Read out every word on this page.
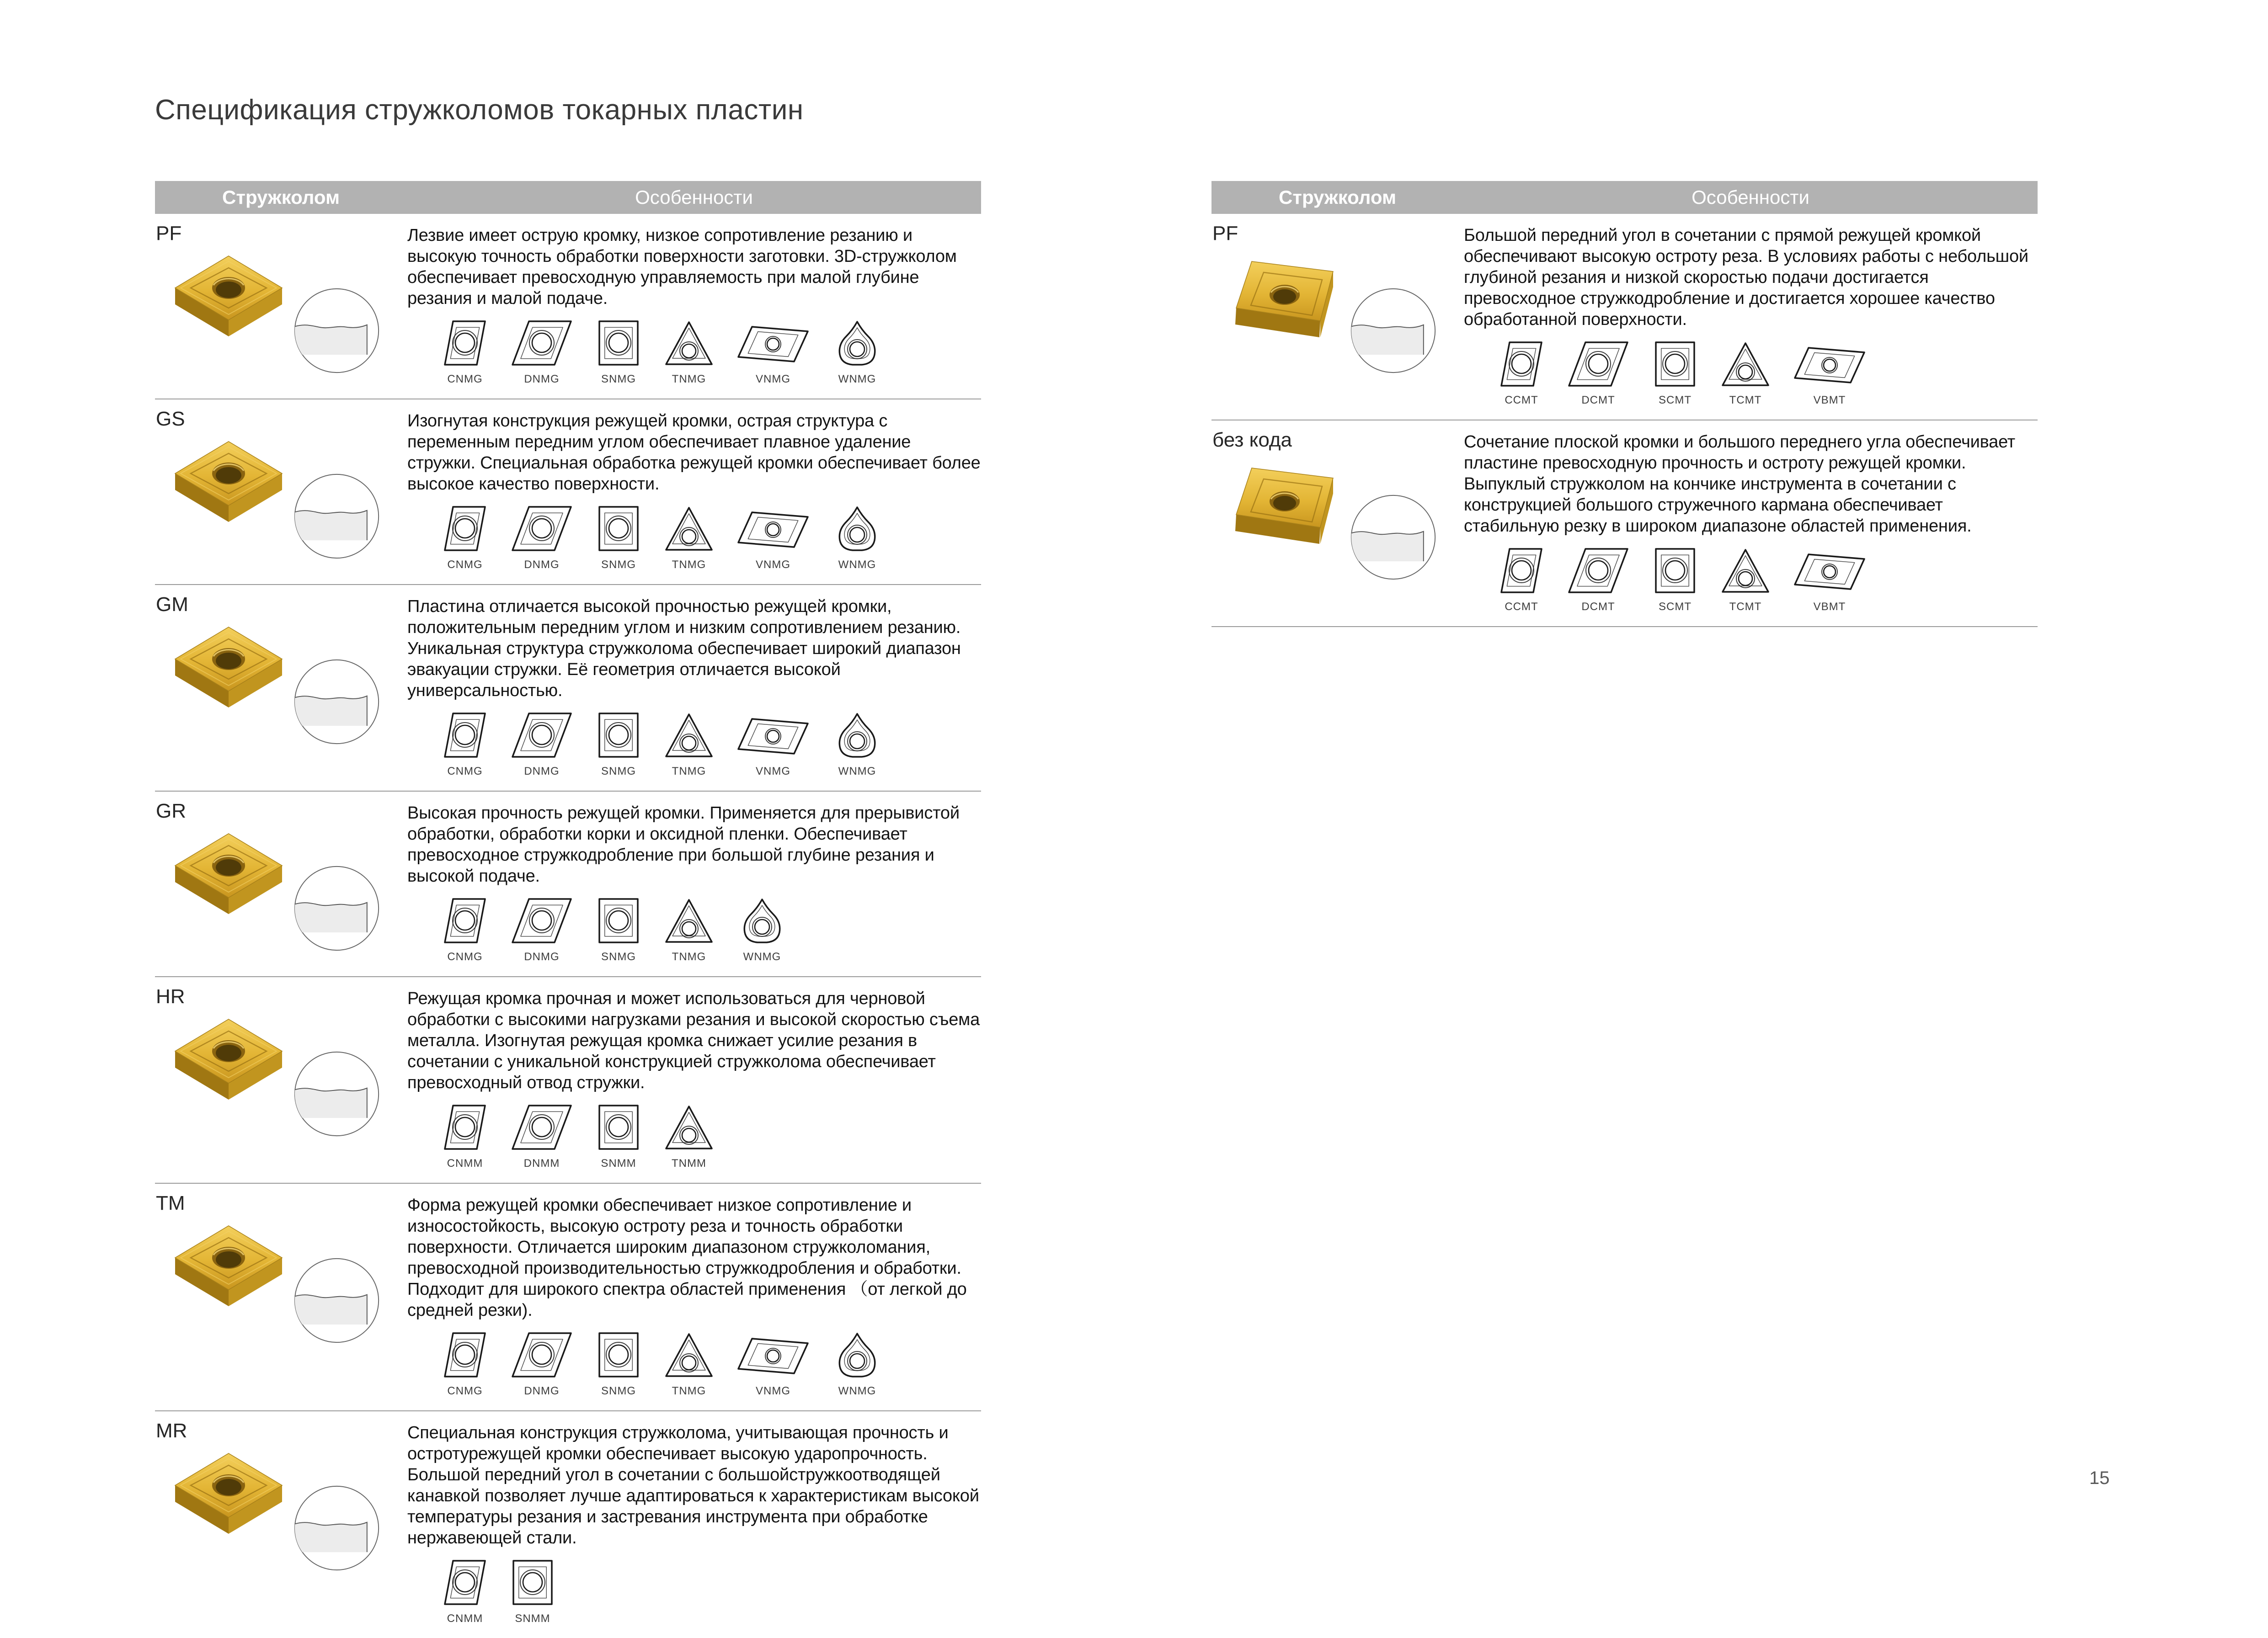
Спецификация стружколомов токарных пластин
Стружколом	Особенности
PF	Лезвие имеет острую кромку, низкое сопротивление резанию и высокую точность обработки поверхности заготовки. 3D-стружколом обеспечивает превосходную управляемость при малой глубине резания и малой подаче.

CNMG	DNMG	SNMG	TNMG	VNMG	WNMG
GS	Изогнутая конструкция режущей кромки, острая структура с переменным передним углом обеспечивает плавное удаление стружки. Специальная обработка режущей кромки обеспечивает более высокое качество поверхности.

CNMG	DNMG	SNMG	TNMG	VNMG	WNMG
GM	Пластина отличается высокой прочностью режущей кромки, положительным передним углом и низким сопротивлением резанию. Уникальная структура стружколома обеспечивает широкий диапазон эвакуации стружки. Её геометрия отличается высокой универсальностью.

CNMG	DNMG	SNMG	TNMG	VNMG	WNMG
GR	Высокая прочность режущей кромки. Применяется для прерывистой обработки, обработки корки и оксидной пленки. Обеспечивает превосходное стружкодробление при большой глубине резания и высокой подаче.

CNMG	DNMG	SNMG	TNMG	WNMG
HR	Режущая кромка прочная и может использоваться для черновой обработки с высокими нагрузками резания и высокой скоростью съема металла. Изогнутая режущая кромка снижает усилие резания в сочетании с уникальной конструкцией стружколома обеспечивает превосходный отвод стружки.

CNMM	DNMM	SNMM	TNMM
TM	Форма режущей кромки обеспечивает низкое сопротивление и износостойкость, высокую остроту реза и точность обработки поверхности. Отличается широким диапазоном стружколомания, превосходной производительностью стружкодробления и обработки. Подходит для широкого спектра областей применения （от легкой до средней резки).

CNMG	DNMG	SNMG	TNMG	VNMG	WNMG
MR	Специальная конструкция стружколома, учитывающая прочность и остротурежущей кромки обеспечивает высокую ударопрочность. Большой передний угол в сочетании с большойстружкоотводящей канавкой позволяет лучше адаптироваться к характеристикам высокой температуры резания и застревания инструмента при обработке нержавеющей стали.

CNMM	SNMM
Стружколом	Особенности
PF	Большой передний угол в сочетании с прямой режущей кромкой обеспечивают высокую остроту реза. В условиях работы с небольшой глубиной резания и низкой скоростью подачи достигается превосходное стружкодробление и достигается хорошее качество обработанной поверхности.

CCMT	DCMT	SCMT	TCMT	VBMT
без кода	Сочетание плоской кромки и большого переднего угла обеспечивает пластине превосходную прочность и остроту режущей кромки. Выпуклый стружколом на кончике инструмента в сочетании с конструкцией большого стружечного кармана обеспечивает стабильную резку в широком диапазоне областей применения.

CCMT	DCMT	SCMT	TCMT	VBMT
15
